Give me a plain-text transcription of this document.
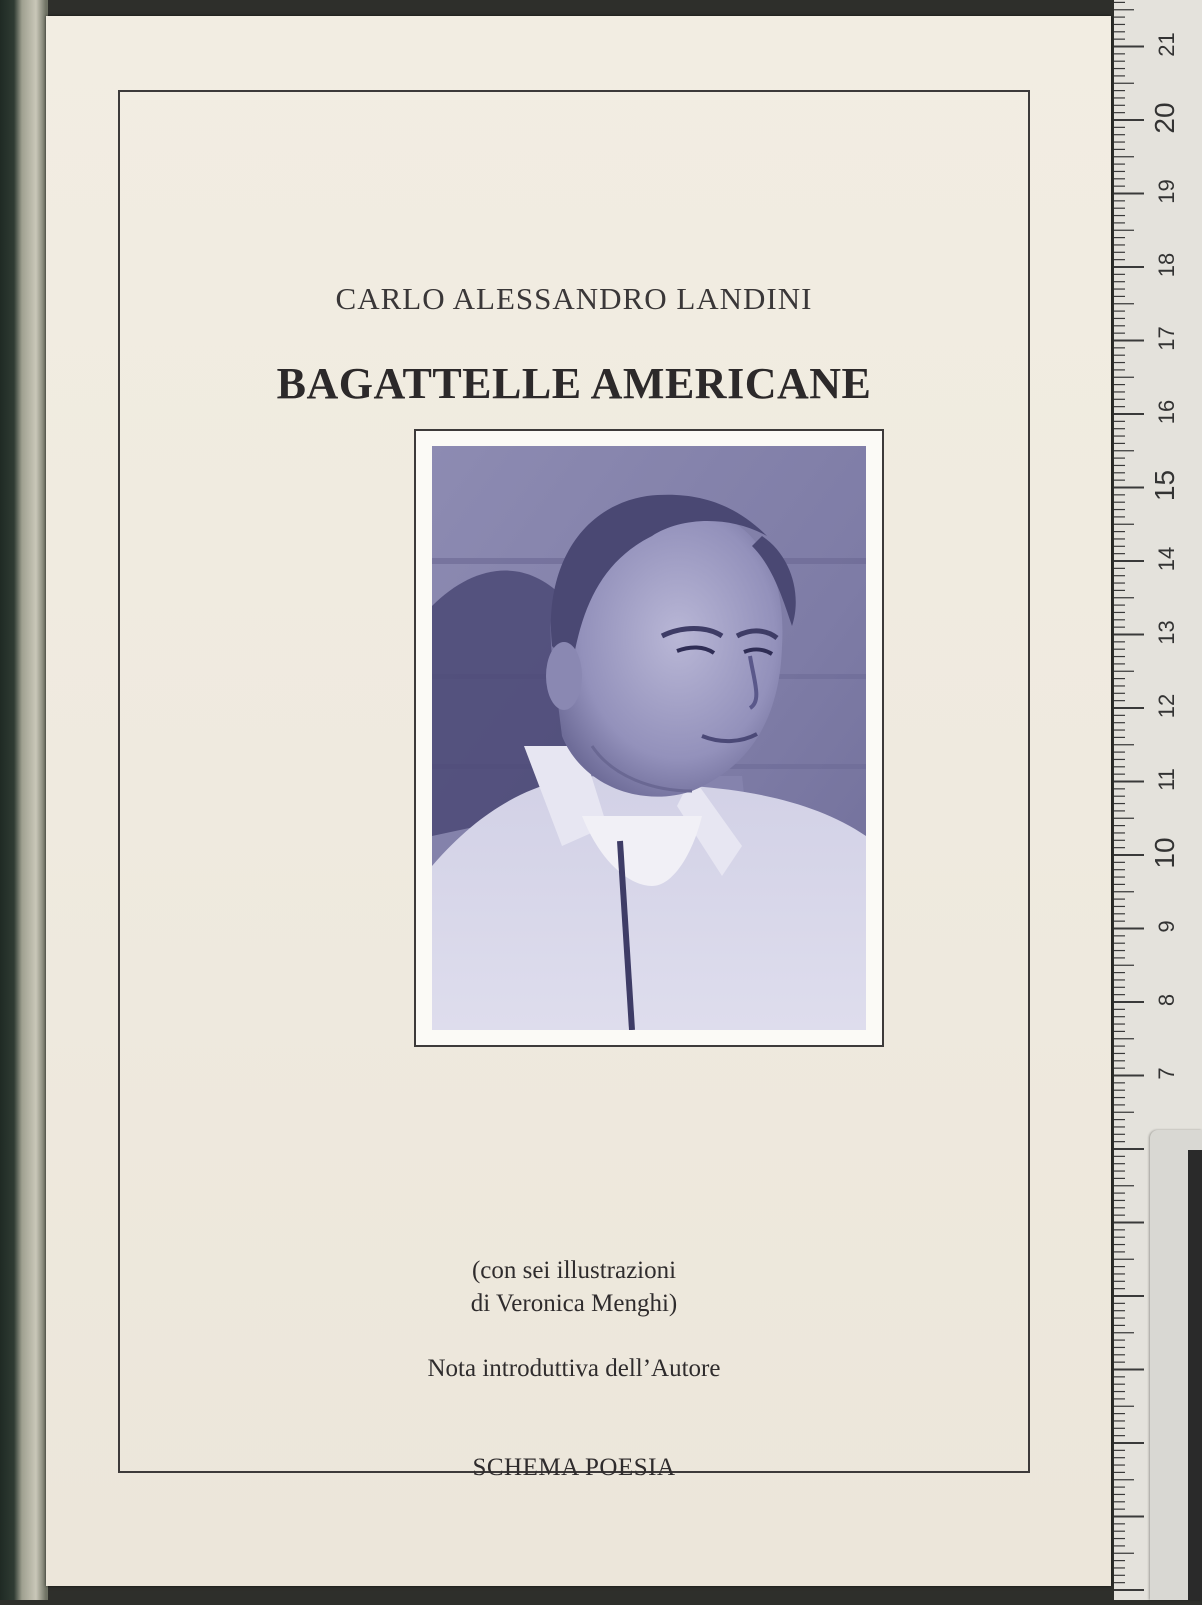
CARLO ALESSANDRO LANDINI
BAGATTELLE AMERICANE
(con sei illustrazioni
di Veronica Menghi)
Nota introduttiva dell’Autore
SCHEMA POESIA
7
8
9
10
11
12
13
14
15
16
17
18
19
20
21
